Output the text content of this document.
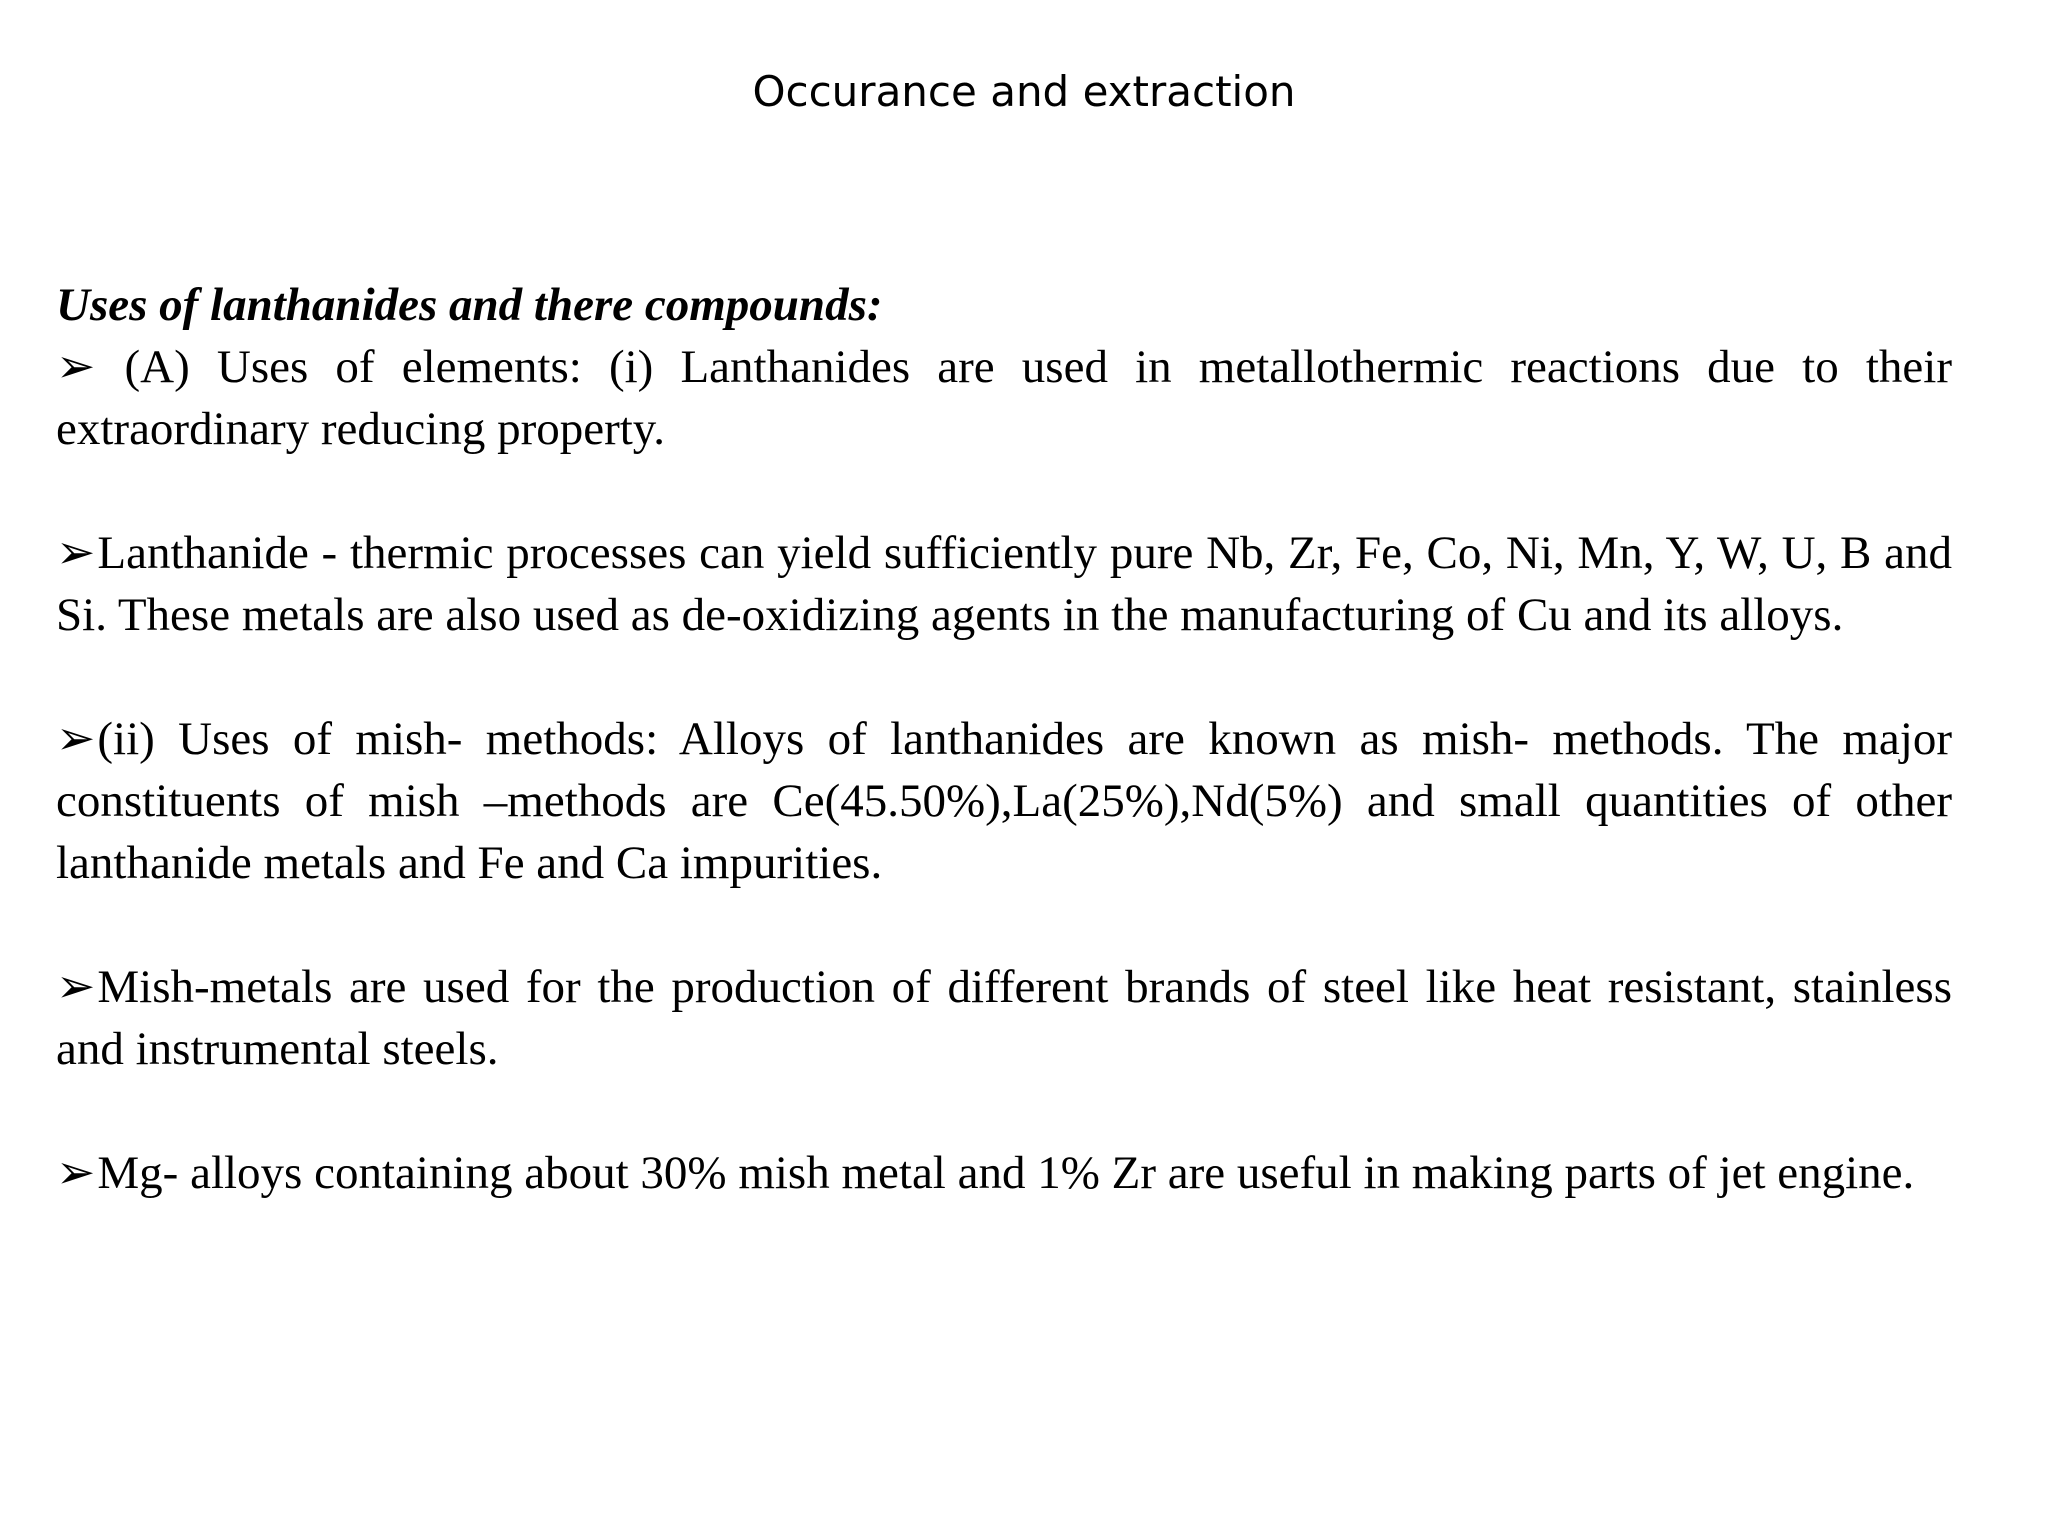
Occurance and extraction

Uses of lanthanides and there compounds:

➢ (A) Uses of elements: (i) Lanthanides are used in metallothermic reactions due to their extraordinary reducing property.

➢Lanthanide - thermic processes can yield sufficiently pure Nb, Zr, Fe, Co, Ni, Mn, Y, W, U, B and Si. These metals are also used as de-oxidizing agents in the manufacturing of Cu and its alloys.

➢(ii) Uses of mish- methods: Alloys of lanthanides are known as mish- methods. The major constituents of mish –methods are Ce(45.50%),La(25%),Nd(5%) and small quantities of other lanthanide metals and Fe and Ca impurities.

➢Mish-metals are used for the production of different brands of steel like heat resistant, stainless and instrumental steels.

➢Mg- alloys containing about 30% mish metal and 1% Zr are useful in making parts of jet engine.
